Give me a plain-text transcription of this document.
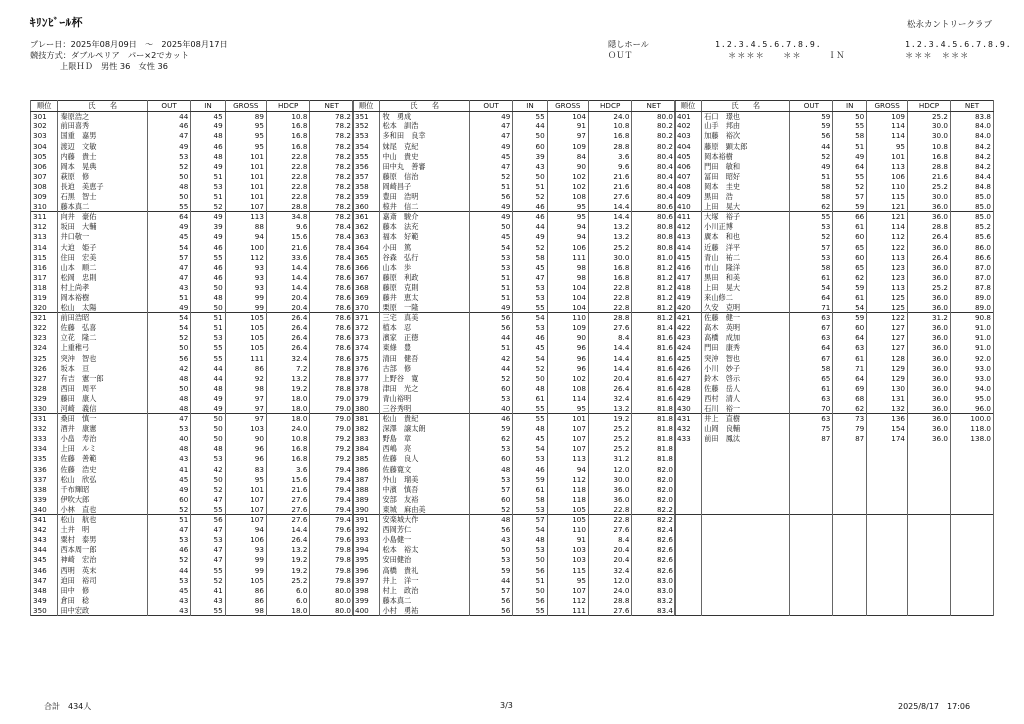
ｷﾘﾝﾋﾞｰﾙ杯	松永カントリークラブ
プレー日：2025年08月09日　～　2025年08月17日
競技方式：ダブルペリア　パー×2でカット
上限ＨＤ　男性 36　女性 36
隠しホール	1.2.3.4.5.6.7.8.9.	1.2.3.4.5.6.7.8.9.
ＯＵＴ	＊＊＊＊　　＊＊	ＩＮ	＊＊＊　＊＊＊
順位	氏　　名	OUT	IN	GROSS	HDCP	NET
301	秦原浩之	44	45	89	10.8	78.2
302	前田喜秀	46	49	95	16.8	78.2
303	国重　嘉男	47	48	95	16.8	78.2
304	渡辺　文敏	49	46	95	16.8	78.2
305	内藤　貴士	53	48	101	22.8	78.2
306	岡本　晃典	52	49	101	22.8	78.2
307	萩原　修	50	51	101	22.8	78.2
308	長迫　美恵子	48	53	101	22.8	78.2
309	石黒　智士	50	51	101	22.8	78.2
310	藤本真二	55	52	107	28.8	78.2
311	向井　豪佑	64	49	113	34.8	78.2
312	坂田　大輔	49	39	88	9.6	78.4
313	井口敬一	45	49	94	15.6	78.4
314	大迫　姫子	54	46	100	21.6	78.4
315	住田　宏美	57	55	112	33.6	78.4
316	山本　順二	47	46	93	14.4	78.6
317	松岡　忠則	47	46	93	14.4	78.6
318	村上尚孝	43	50	93	14.4	78.6
319	岡本裕樹	51	48	99	20.4	78.6
320	松山　太陽	49	50	99	20.4	78.6
321	前田浩昭	54	51	105	26.4	78.6
322	佐藤　弘喜	54	51	105	26.4	78.6
323	立花　隆二	52	53	105	26.4	78.6
324	上重稚弓	50	55	105	26.4	78.6
325	突沖　智也	56	55	111	32.4	78.6
326	坂本　亘	42	44	86	7.2	78.8
327	有吉　憲一郎	48	44	92	13.2	78.8
328	西田　周平	50	48	98	19.2	78.8
329	藤田　康人	48	49	97	18.0	79.0
330	河崎　義信	48	49	97	18.0	79.0
331	桑田　慎一	47	50	97	18.0	79.0
332	酒井　康憲	53	50	103	24.0	79.0
333	小畠　寿治	40	50	90	10.8	79.2
334	上田　ルミ	48	48	96	16.8	79.2
335	佐藤　善範	43	53	96	16.8	79.2
336	佐藤　浩史	41	42	83	3.6	79.4
337	松山　欣弘	45	50	95	15.6	79.4
338	千布輝昭	49	52	101	21.6	79.4
339	伊吹大郎	60	47	107	27.6	79.4
340	小林　直也	52	55	107	27.6	79.4
341	松山　航也	51	56	107	27.6	79.4
342	土井　明	47	47	94	14.4	79.6
343	粟村　泰男	53	53	106	26.4	79.6
344	西本周一郎	46	47	93	13.2	79.8
345	神崎　宏治	52	47	99	19.2	79.8
346	西明　英末	44	55	99	19.2	79.8
347	迫田　裕司	53	52	105	25.2	79.8
348	田中　修	45	41	86	6.0	80.0
349	倉田　稔	43	43	86	6.0	80.0
350	田中宏政	43	55	98	18.0	80.0
順位	氏　　名	OUT	IN	GROSS	HDCP	NET
351	牧　勇成	49	55	104	24.0	80.0
352	松本　訓浩	47	44	91	10.8	80.2
353	多和田　良幸	47	50	97	16.8	80.2
354	妹尾　克紀	49	60	109	28.8	80.2
355	中山　貴史	45	39	84	3.6	80.4
356	田中丸　善審	47	43	90	9.6	80.4
357	藤原　信治	52	50	102	21.6	80.4
358	岡崎昌子	51	51	102	21.6	80.4
359	豊田　浩明	56	52	108	27.6	80.4
360	椋井　信二	49	46	95	14.4	80.6
361	嘉斎　駿介	49	46	95	14.4	80.6
362	藤本　法充	50	44	94	13.2	80.8
363	福本　好範	45	49	94	13.2	80.8
364	小田　篤	54	52	106	25.2	80.8
365	谷森　弘行	53	58	111	30.0	81.0
366	山本　歩	53	45	98	16.8	81.2
367	藤原　利政	51	47	98	16.8	81.2
368	藤原　克則	51	53	104	22.8	81.2
369	藤井　恵太	51	53	104	22.8	81.2
370	栗原　一隆	49	55	104	22.8	81.2
371	三宅　真美	56	54	110	28.8	81.2
372	植本　忍	56	53	109	27.6	81.4
373	濱家　正徳	44	46	90	8.4	81.6
374	東條　豊	51	45	96	14.4	81.6
375	清田　健吾	42	54	96	14.4	81.6
376	古部　修	44	52	96	14.4	81.6
377	上野谷　寛	52	50	102	20.4	81.6
378	津田　光之	60	48	108	26.4	81.6
379	青山裕明	53	61	114	32.4	81.6
380	三谷秀明	40	55	95	13.2	81.8
381	松山　貴紀	46	55	101	19.2	81.8
382	深澤　譲太朗	59	48	107	25.2	81.8
383	野島　章	62	45	107	25.2	81.8
384	西嶋　亮	53	54	107	25.2	81.8
385	佐藤　良人	60	53	113	31.2	81.8
386	佐藤寛文	48	46	94	12.0	82.0
387	外山　瑠美	53	59	112	30.0	82.0
388	中濱　慎吾	57	61	118	36.0	82.0
389	安部　友裕	60	58	118	36.0	82.0
390	東城　麻由美	52	53	105	22.8	82.2
391	安楽城大作	48	57	105	22.8	82.2
392	西岡芳仁	56	54	110	27.6	82.4
393	小島健一	43	48	91	8.4	82.6
394	松本　裕太	50	53	103	20.4	82.6
395	安田健治	53	50	103	20.4	82.6
396	高橋　貴礼	59	56	115	32.4	82.6
397	井上　洋一	44	51	95	12.0	83.0
398	村上　政治	57	50	107	24.0	83.0
399	藤本真二	56	56	112	28.8	83.2
400	小村　勇祐	56	55	111	27.6	83.4
順位	氏　　名	OUT	IN	GROSS	HDCP	NET
401	石口　璟也	59	50	109	25.2	83.8
402	山手　邦由	59	55	114	30.0	84.0
403	加藤　裕次	56	58	114	30.0	84.0
404	藤原　顕太郎	44	51	95	10.8	84.2
405	岡本裕樹	52	49	101	16.8	84.2
406	門田　敏和	49	64	113	28.8	84.2
407	冨田　昭好	51	55	106	21.6	84.4
408	岡本　圭史	58	52	110	25.2	84.8
409	黒田　浩	58	57	115	30.0	85.0
410	上田　晃大	62	59	121	36.0	85.0
411	大塚　裕子	55	66	121	36.0	85.0
412	小川正博	53	61	114	28.8	85.2
413	廣本　和也	52	60	112	26.4	85.6
414	近藤　洋平	57	65	122	36.0	86.0
415	青山　祐二	53	60	113	26.4	86.6
416	市山　隆洋	58	65	123	36.0	87.0
417	黒田　和美	61	62	123	36.0	87.0
418	上田　晃大	54	59	113	25.2	87.8
419	来山修二	64	61	125	36.0	89.0
420	久安　克明	71	54	125	36.0	89.0
421	佐藤　健一	63	59	122	31.2	90.8
422	高木　英明	67	60	127	36.0	91.0
423	高橋　成加	63	64	127	36.0	91.0
424	門田　康秀	64	63	127	36.0	91.0
425	突沖　智也	67	61	128	36.0	92.0
426	小川　妙子	58	71	129	36.0	93.0
427	鈴木　啓示	65	64	129	36.0	93.0
428	佐藤　岳人	61	69	130	36.0	94.0
429	西村　清人	63	68	131	36.0	95.0
430	石川　裕一	70	62	132	36.0	96.0
431	井上　直樹	63	73	136	36.0	100.0
432	山岡　良輔	75	79	154	36.0	118.0
433	前田　鳳汰	87	87	174	36.0	138.0

合計　434人	3/3	2025/8/17　17:06
